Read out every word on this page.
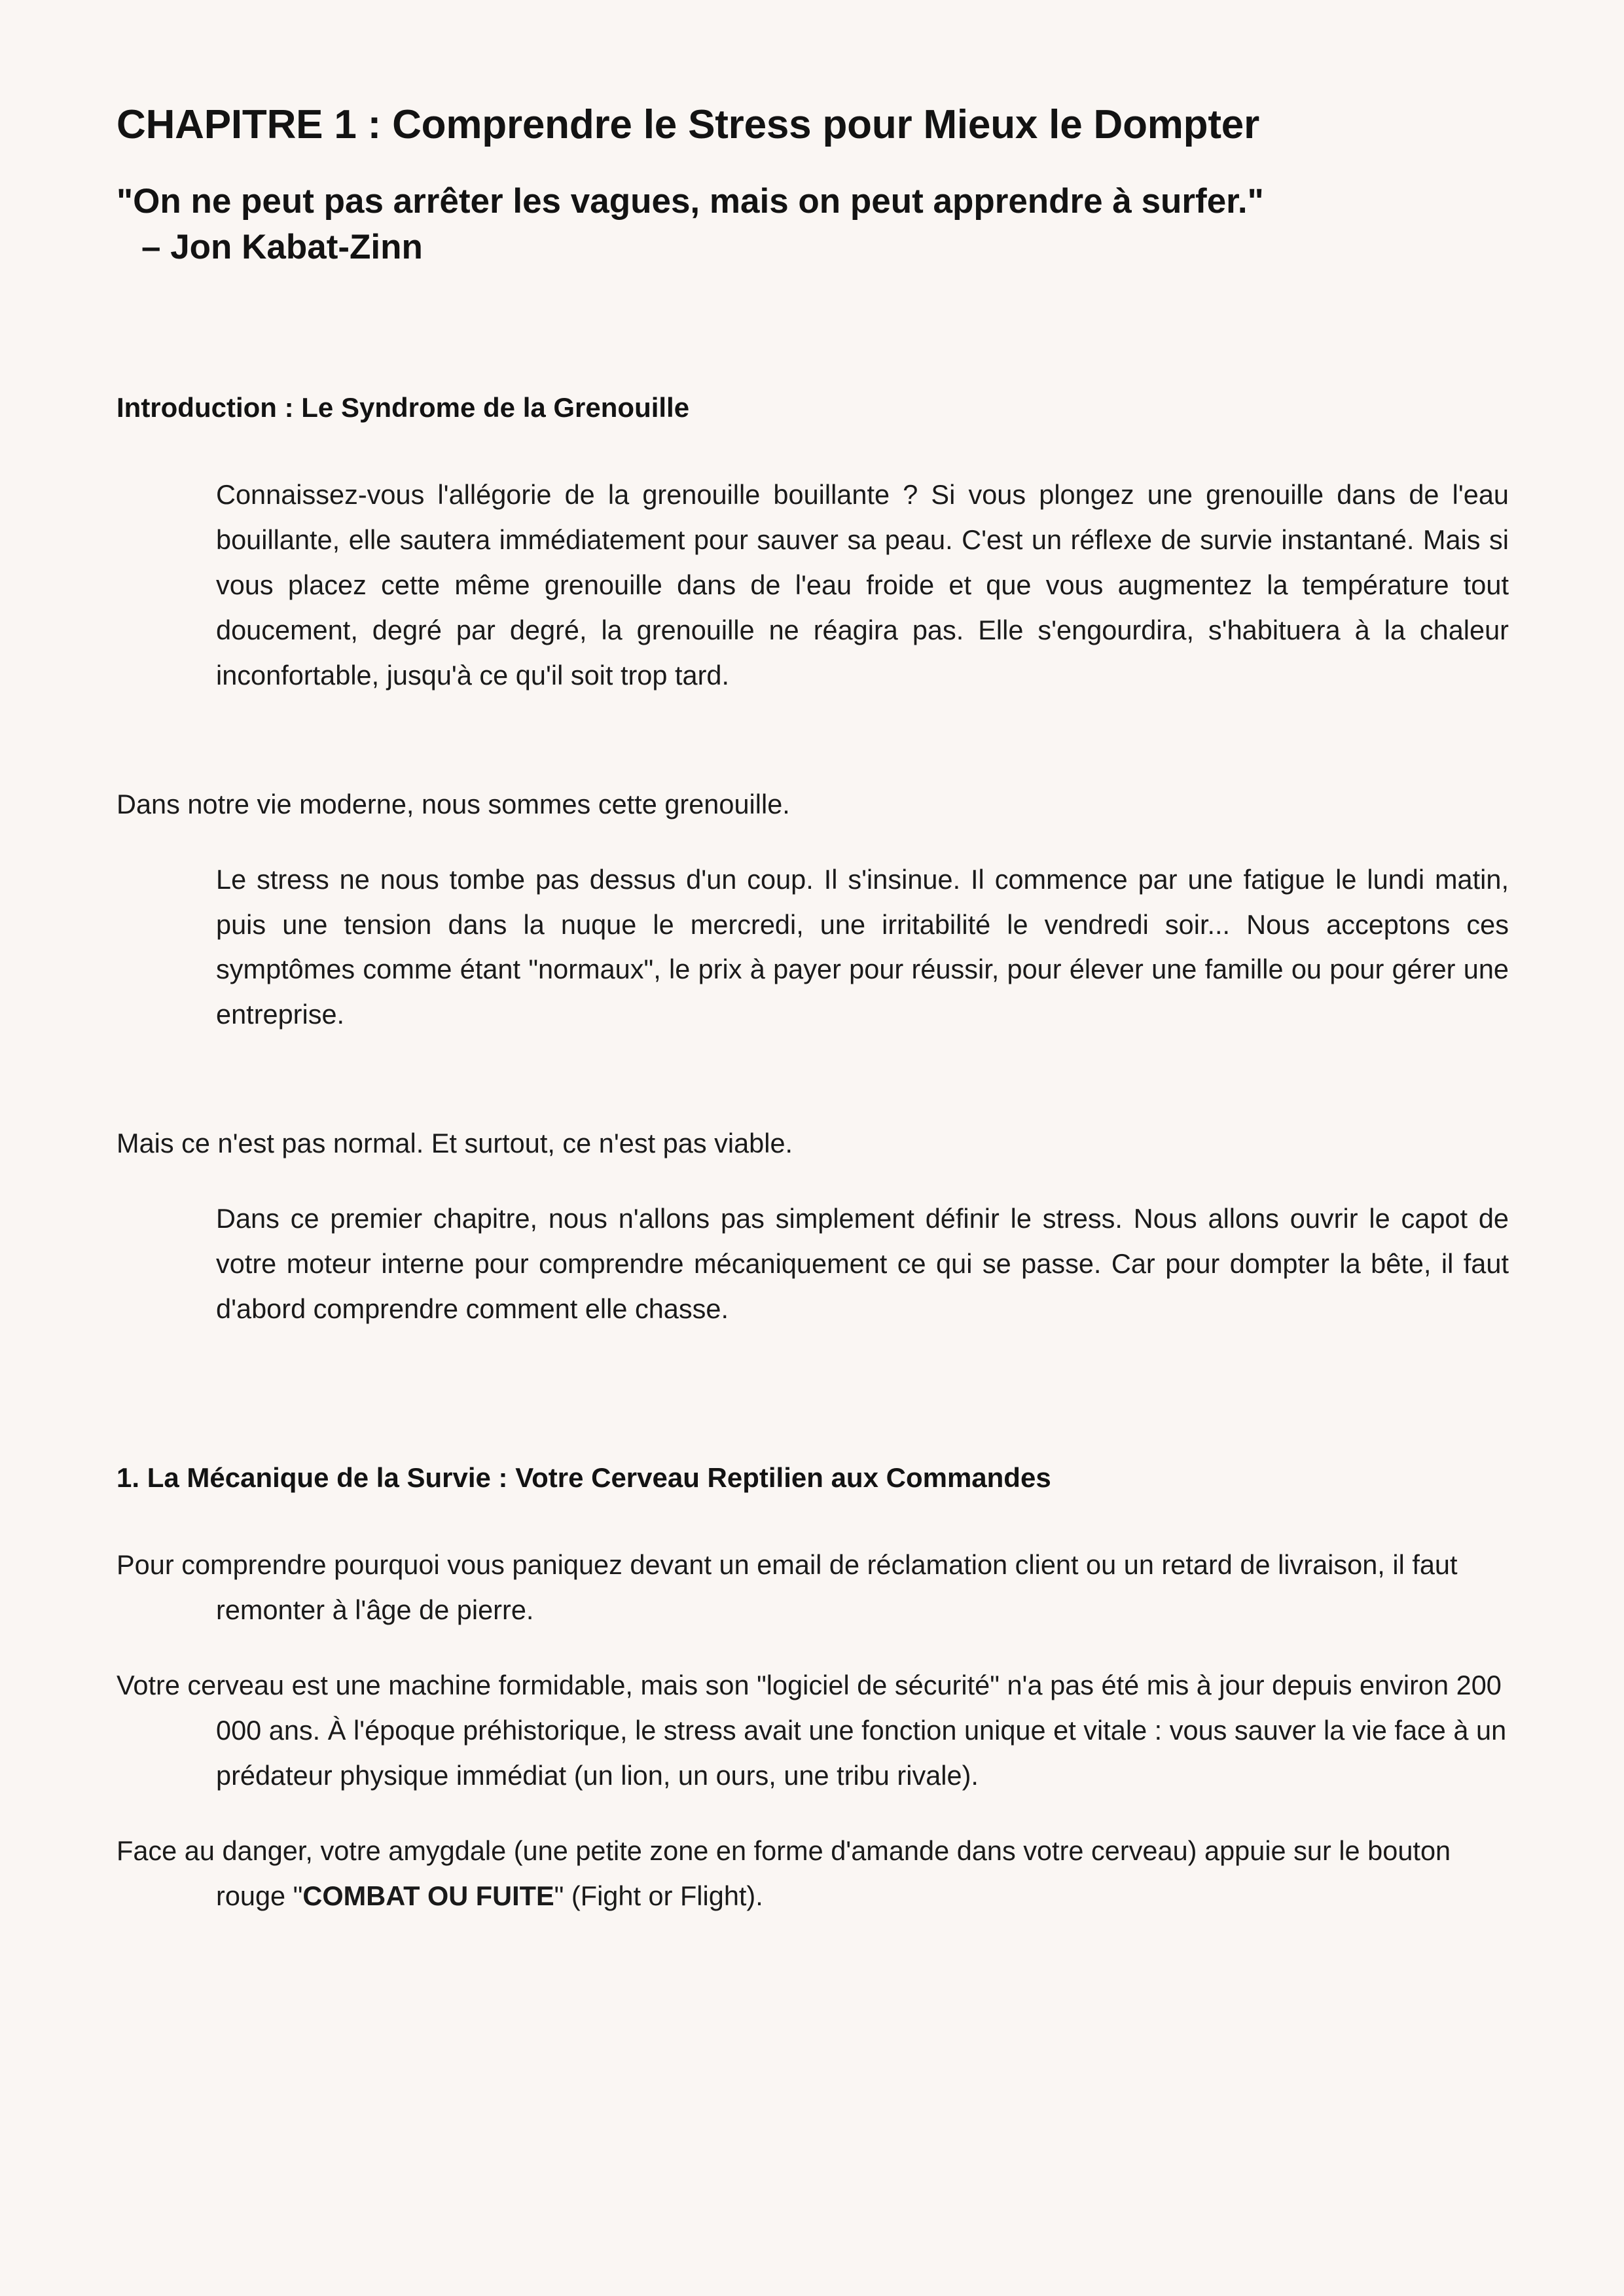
CHAPITRE 1 : Comprendre le Stress pour Mieux le Dompter
"On ne peut pas arrêter les vagues, mais on peut apprendre à surfer."
– Jon Kabat-Zinn
Introduction : Le Syndrome de la Grenouille

Connaissez-vous l'allégorie de la grenouille bouillante ? Si vous plongez une grenouille dans de l'eau bouillante, elle sautera immédiatement pour sauver sa peau. C'est un réflexe de survie instantané. Mais si vous placez cette même grenouille dans de l'eau froide et que vous augmentez la température tout doucement, degré par degré, la grenouille ne réagira pas. Elle s'engourdira, s'habituera à la chaleur inconfortable, jusqu'à ce qu'il soit trop tard.

Dans notre vie moderne, nous sommes cette grenouille.

Le stress ne nous tombe pas dessus d'un coup. Il s'insinue. Il commence par une fatigue le lundi matin, puis une tension dans la nuque le mercredi, une irritabilité le vendredi soir... Nous acceptons ces symptômes comme étant "normaux", le prix à payer pour réussir, pour élever une famille ou pour gérer une entreprise.

Mais ce n'est pas normal. Et surtout, ce n'est pas viable.

Dans ce premier chapitre, nous n'allons pas simplement définir le stress. Nous allons ouvrir le capot de votre moteur interne pour comprendre mécaniquement ce qui se passe. Car pour dompter la bête, il faut d'abord comprendre comment elle chasse.

1. La Mécanique de la Survie : Votre Cerveau Reptilien aux Commandes

Pour comprendre pourquoi vous paniquez devant un email de réclamation client ou un retard de livraison, il faut remonter à l'âge de pierre.

Votre cerveau est une machine formidable, mais son "logiciel de sécurité" n'a pas été mis à jour depuis environ 200 000 ans. À l'époque préhistorique, le stress avait une fonction unique et vitale : vous sauver la vie face à un prédateur physique immédiat (un lion, un ours, une tribu rivale).

Face au danger, votre amygdale (une petite zone en forme d'amande dans votre cerveau) appuie sur le bouton rouge "COMBAT OU FUITE" (Fight or Flight).
